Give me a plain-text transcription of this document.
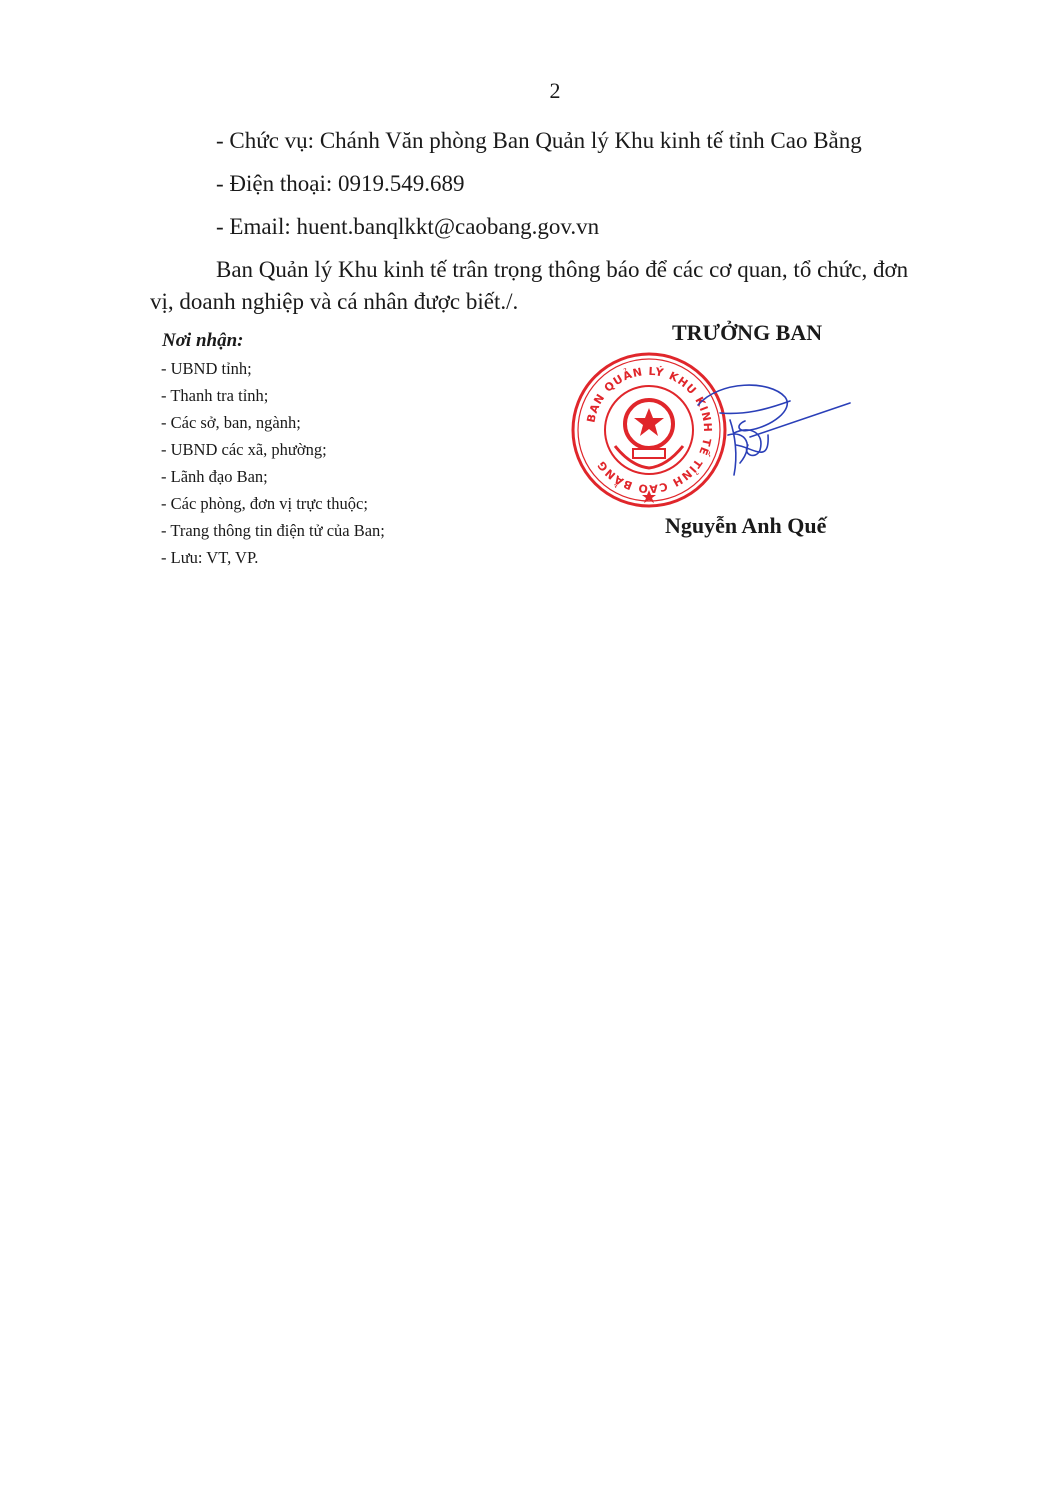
2
- Chức vụ: Chánh Văn phòng Ban Quản lý Khu kinh tế tỉnh Cao Bằng
- Điện thoại: 0919.549.689
- Email: huent.banqlkkt@caobang.gov.vn
Ban Quản lý Khu kinh tế trân trọng thông báo để các cơ quan, tổ chức, đơn
vị, doanh nghiệp và cá nhân được biết./.
Nơi nhận:
- UBND tỉnh;
- Thanh tra tỉnh;
- Các sở, ban, ngành;
- UBND các xã, phường;
- Lãnh đạo Ban;
- Các phòng, đơn vị trực thuộc;
- Trang thông tin điện tử của Ban;
- Lưu: VT, VP.
TRƯỞNG BAN
BAN QUẢN LÝ KHU KINH TẾ TỈNH CAO BẰNG
Nguyễn Anh Quế
